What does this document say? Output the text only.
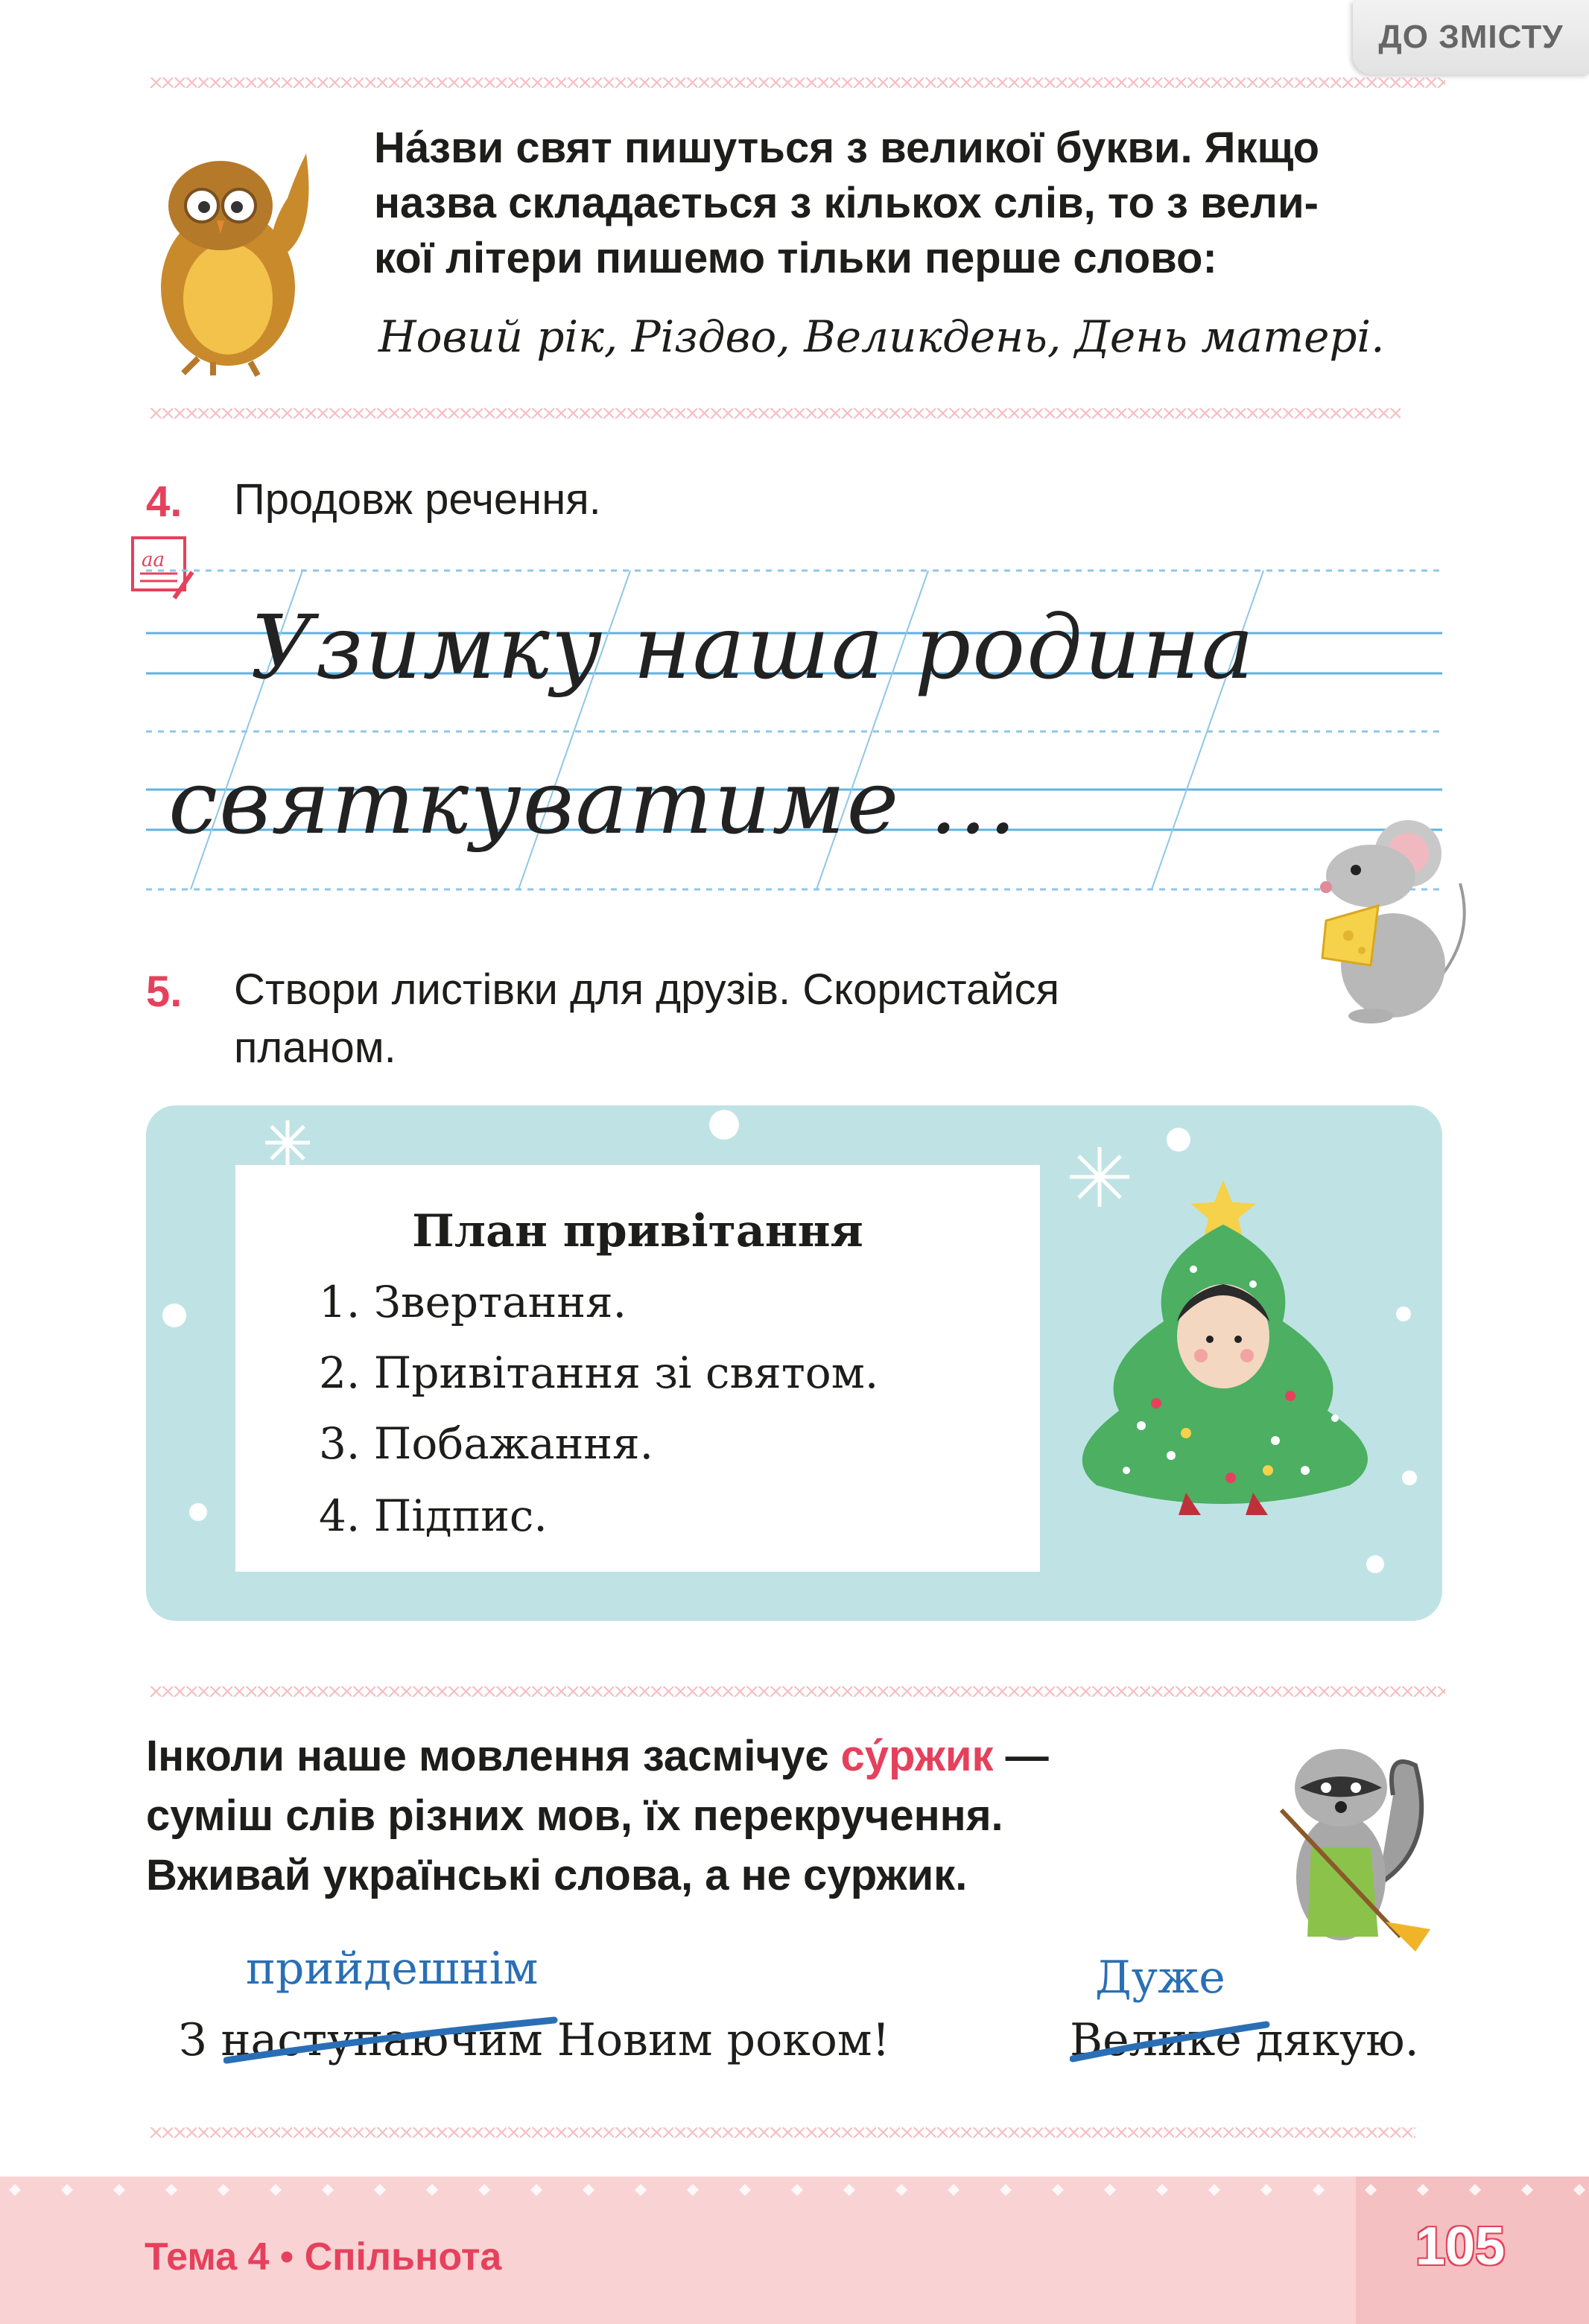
ДО ЗМІСТУ
На́зви свят пишуться з великої букви. Якщо
назва складається з кількох слів, то з вели-
кої літери пишемо тільки перше слово:
Новий рік, Різдво, Великдень, День матері.
4. Продовж речення.
аа
Узимку наша родина
святкуватиме ...
5. Створи листівки для друзів. Скористайся
планом.
План привітання
1. Звертання.
2. Привітання зі святом.
3. Побажання.
4. Підпис.
Інколи наше мовлення засмічує су́ржик —
суміш слів різних мов, їх перекручення.
Вживай українські слова, а не суржик.
прийдешнім
З наступаючим Новим роком!
Дуже
Велике дякую.
Тема 4 • Спільнота	105
